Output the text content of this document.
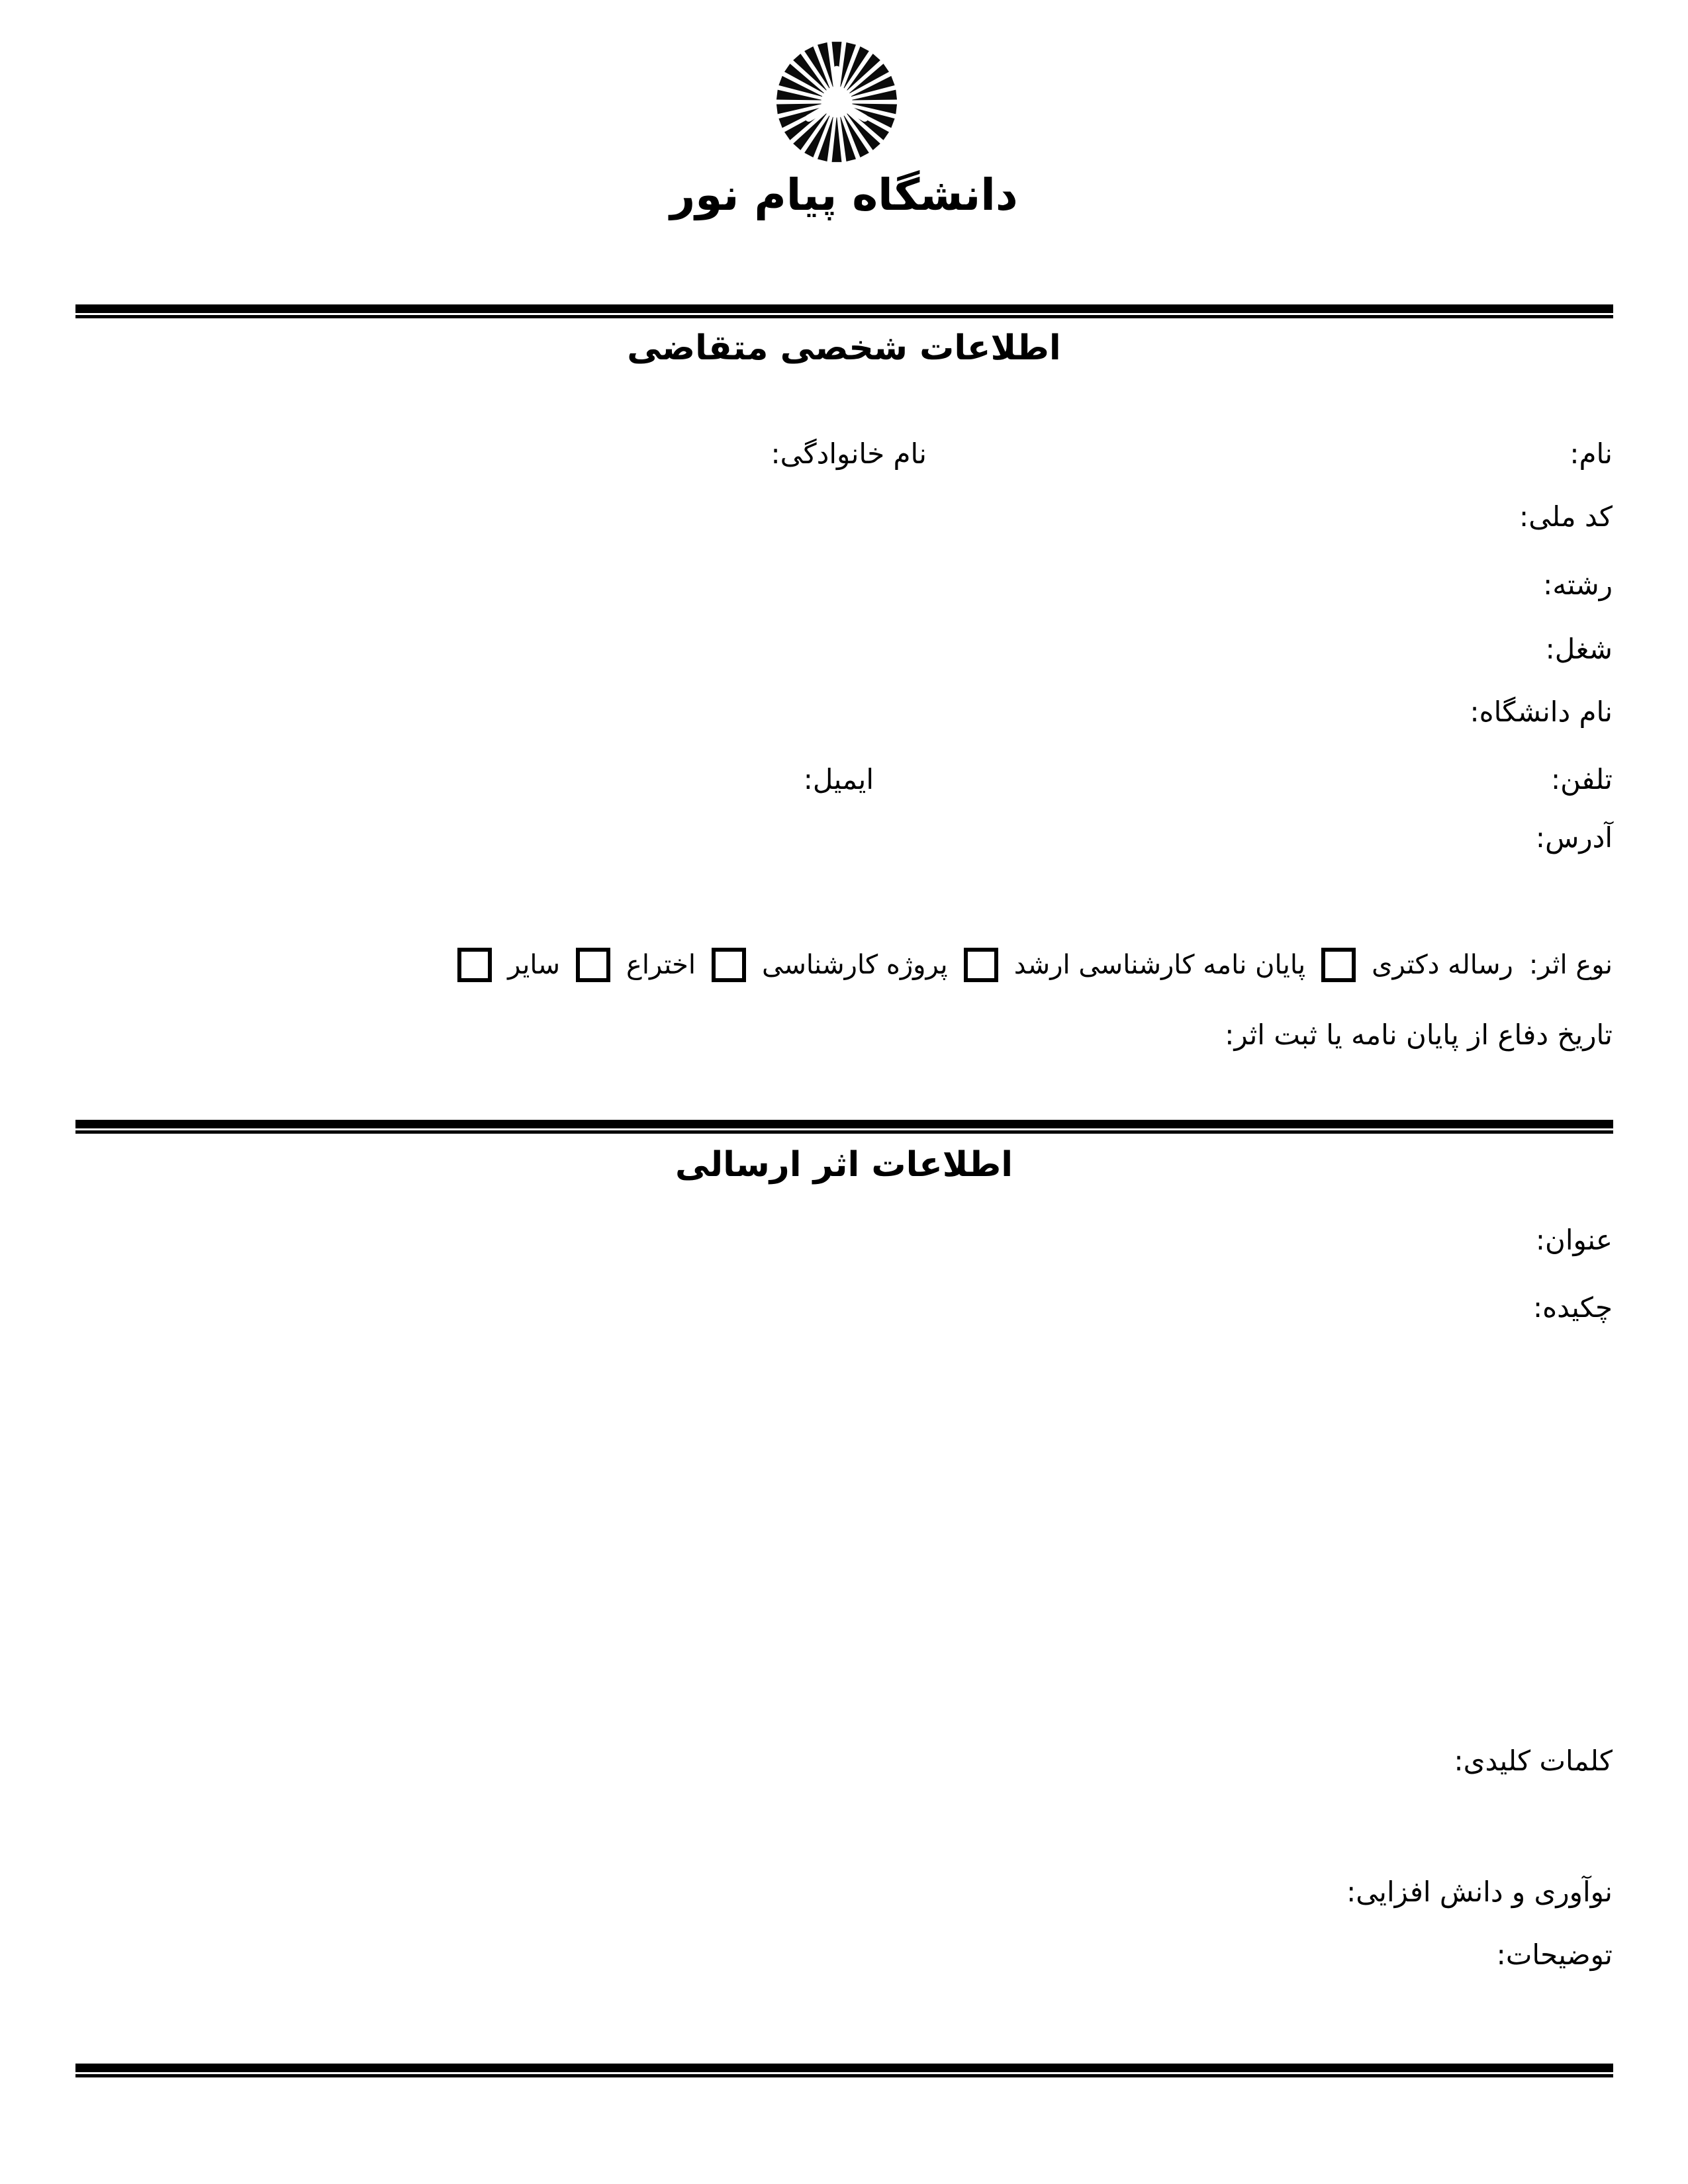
دانشگاه پیام نور
اطلاعات شخصی متقاضی
نام:
نام خانوادگی:
کد ملی:
رشته:
شغل:
نام دانشگاه:
تلفن:
ایمیل:
آدرس:
نوع اثر:
رساله دکتری
پایان نامه کارشناسی ارشد
پروژه کارشناسی
اختراع
سایر
تاریخ دفاع از پایان نامه یا ثبت اثر:
اطلاعات اثر ارسالی
عنوان:
چکیده:
کلمات کلیدی:
نوآوری و دانش افزایی:
توضیحات:
